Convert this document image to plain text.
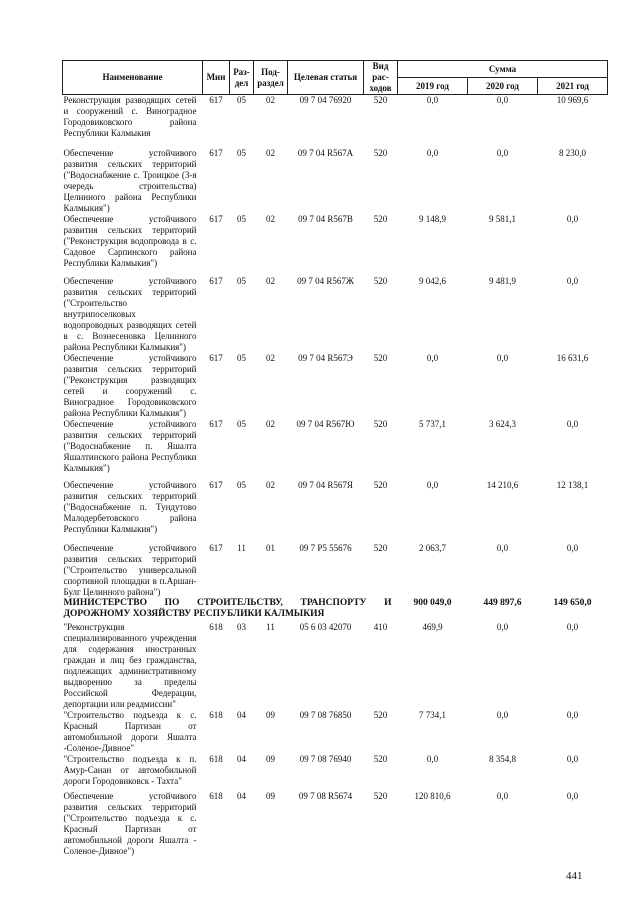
Наименование	Мин	Раз-дел	Под-раздел	Целевая статья	Вид рас-ходов	Сумма		
						2019 год	2020 год	2021 год
Реконструкция разводящих сетей и сооружений с. Виноградное Городовиковского района Республики Калмыкия	617	05	02	09 7 04 76920	520	0,0	0,0	10 969,6
Обеспечение устойчивого развития сельских территорий ("Водоснабжение с. Троицкое (3-я очередь строительства) Целинного района Республики Калмыкия")	617	05	02	09 7 04 R567А	520	0,0	0,0	8 230,0
Обеспечение устойчивого развития сельских территорий ("Реконструкция водопровода в с. Садовое Сарпинского района Республики Калмыкия")	617	05	02	09 7 04 R567В	520	9 148,9	9 581,1	0,0
Обеспечение устойчивого развития сельских территорий ("Строительство внутрипоселковых водопроводных разводящих сетей в с. Вознесеновка Целинного района Республики Калмыкия")	617	05	02	09 7 04 R567Ж	520	9 042,6	9 481,9	0,0
Обеспечение устойчивого развития сельских территорий ("Реконструкция разводящих сетей и сооружений с. Виноградное Городовиковского района Республики Калмыкия")	617	05	02	09 7 04 R567Э	520	0,0	0,0	16 631,6
Обеспечение устойчивого развития сельских территорий ("Водоснабжение п. Яшалта Яшалтинского района Республики Калмыкия")	617	05	02	09 7 04 R567Ю	520	5 737,1	3 624,3	0,0
Обеспечение устойчивого развития сельских территорий ("Водоснабжение п. Тундутово Малодербетовского района Республики Калмыкия")	617	05	02	09 7 04 R567Я	520	0,0	14 210,6	12 138,1
Обеспечение устойчивого развития сельских территорий ("Строительство универсальной спортивной площадки в п.Аршан-Булг Целинного района")	617	11	01	09 7 P5 55676	520	2 063,7	0,0	0,0
МИНИСТЕРСТВО ПО СТРОИТЕЛЬСТВУ, ТРАНСПОРТУ И ДОРОЖНОМУ ХОЗЯЙСТВУ РЕСПУБЛИКИ КАЛМЫКИЯ						900 049,0	449 897,6	149 650,0
"Реконструкция специализированного учреждения для содержания иностранных граждан и лиц без гражданства, подлежащих административному выдворению за пределы Российской Федерации, депортации или реадмиссии"	618	03	11	05 6 03 42070	410	469,9	0,0	0,0
"Строительство подъезда к с. Красный Партизан от автомобильной дороги Яшалта -Соленое-Дивное"	618	04	09	09 7 08 76850	520	7 734,1	0,0	0,0
"Строительство подъезда к п. Амур-Санан от автомобильной дороги Городовиковск - Тахта"	618	04	09	09 7 08 76940	520	0,0	8 354,8	0,0
Обеспечение устойчивого развития сельских территорий ("Строительство подъезда к с. Красный Партизан от автомобильной дороги Яшалта - Соленое-Дивное")	618	04	09	09 7 08 R5674	520	120 810,6	0,0	0,0
441
